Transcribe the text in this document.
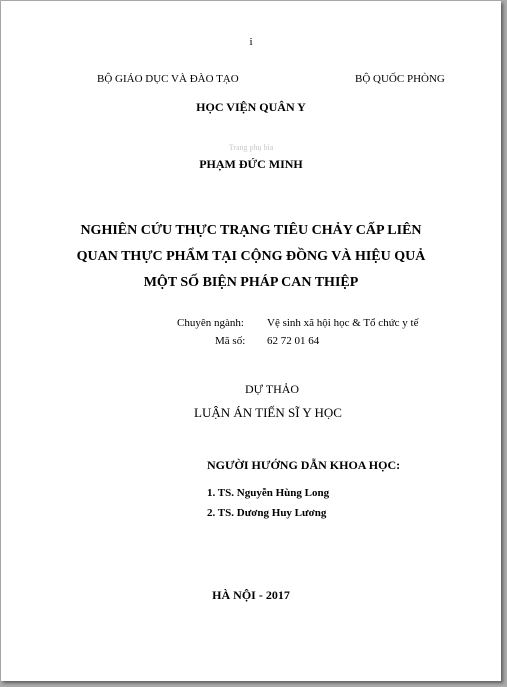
i
BỘ GIÁO DỤC VÀ ĐÀO TẠO	BỘ QUỐC PHÒNG
HỌC VIỆN QUÂN Y
Trang phụ bìa
PHẠM ĐỨC MINH
NGHIÊN CỨU THỰC TRẠNG TIÊU CHẢY CẤP LIÊN
QUAN THỰC PHẨM TẠI CỘNG ĐỒNG VÀ HIỆU QUẢ
MỘT SỐ BIỆN PHÁP CAN THIỆP
Chuyên ngành: Vệ sinh xã hội học & Tổ chức y tế
Mã số: 62 72 01 64
DỰ THẢO
LUẬN ÁN TIẾN SĨ Y HỌC
NGƯỜI HƯỚNG DẪN KHOA HỌC:
1. TS. Nguyễn Hùng Long
2. TS. Dương Huy Lương
HÀ NỘI - 2017
